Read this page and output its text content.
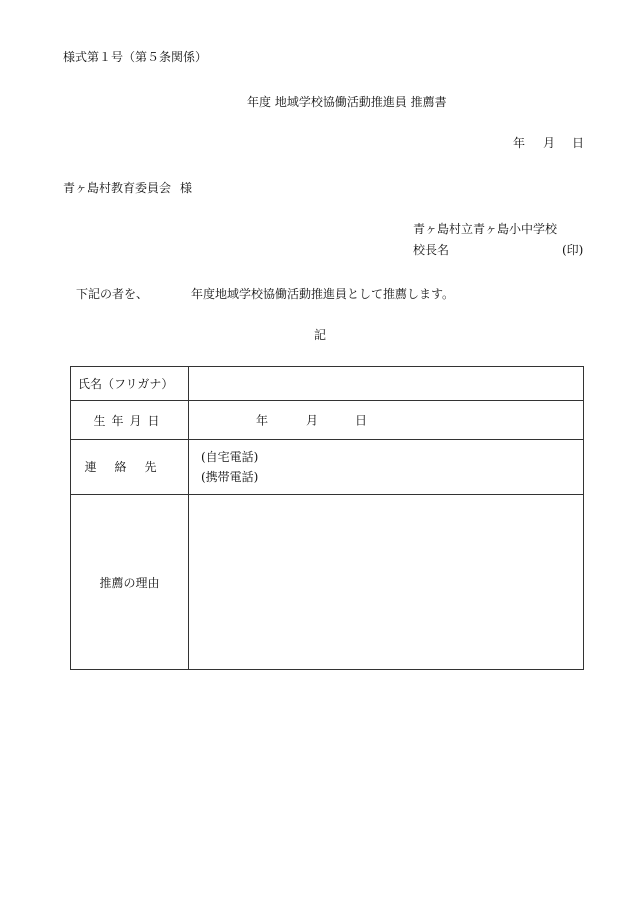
様式第１号（第５条関係）
年度 地域学校協働活動推進員 推薦書
年 月 日
青ヶ島村教育委員会 様
青ヶ島村立青ヶ島小中学校
校長名	(印)
下記の者を、	年度地域学校協働活動推進員として推薦します。
記
氏名（フリガナ）	
生年月日	年 月 日

連絡先	(自宅電話)
(携帯電話)

推薦の理由	
